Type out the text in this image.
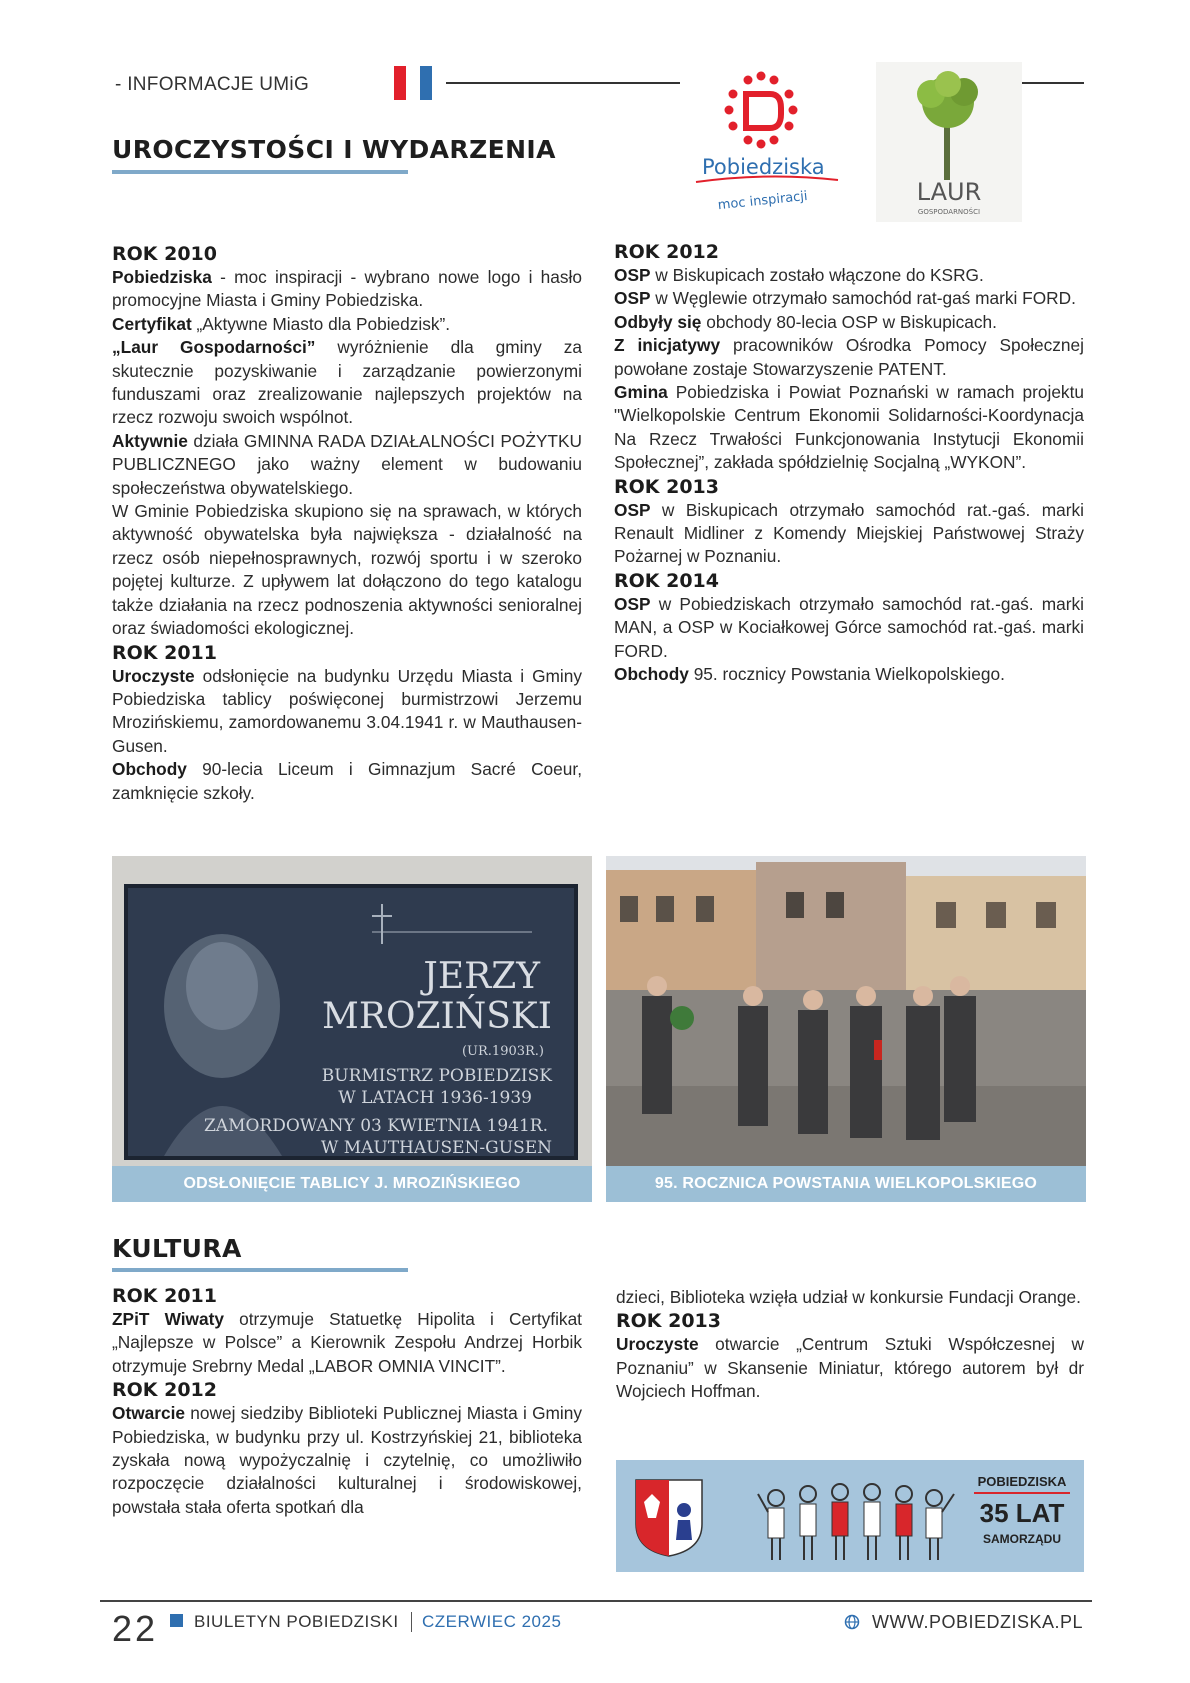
- INFORMACJE UMiG
UROCZYSTOŚCI I WYDARZENIA
Pobiedziska
moc inspiracji	LAUR
GOSPODARNOŚCI

ROK 2010

Pobiedziska - moc inspiracji - wybrano nowe logo i hasło promocyjne Miasta i Gminy Pobiedziska.

Certyfikat „Aktywne Miasto dla Pobiedzisk”.

„Laur Gospodarności” wyróżnienie dla gminy za skutecznie pozyskiwanie i zarządzanie powierzonymi funduszami oraz zrealizowanie najlepszych projektów na rzecz rozwoju swoich wspólnot.

Aktywnie działa GMINNA RADA DZIAŁALNOŚCI POŻYTKU PUBLICZNEGO jako ważny element w budowaniu społeczeństwa obywatelskiego.

W Gminie Pobiedziska skupiono się na sprawach, w których aktywność obywatelska była największa - działalność na rzecz osób niepełnosprawnych, rozwój sportu i w szeroko pojętej kulturze. Z upływem lat dołączono do tego katalogu także działania na rzecz podnoszenia aktywności senioralnej oraz świadomości ekologicznej.

ROK 2011

Uroczyste odsłonięcie na budynku Urzędu Miasta i Gminy Pobiedziska tablicy poświęconej burmistrzowi Jerzemu Mrozińskiemu, zamordowanemu 3.04.1941 r. w Mauthausen-Gusen.

Obchody 90-lecia Liceum i Gimnazjum Sacré Coeur, zamknięcie szkoły.

ROK 2012

OSP w Biskupicach zostało włączone do KSRG.

OSP w Węglewie otrzymało samochód rat-gaś marki FORD.

Odbyły się obchody 80-lecia OSP w Biskupicach.

Z inicjatywy pracowników Ośrodka Pomocy Społecznej powołane zostaje Stowarzyszenie PATENT.

Gmina Pobiedziska i Powiat Poznański w ramach projektu "Wielkopolskie Centrum Ekonomii Solidarności-Koordynacja Na Rzecz Trwałości Funkcjonowania Instytucji Ekonomii Społecznej”, zakłada spółdzielnię Socjalną „WYKON”.

ROK 2013

OSP w Biskupicach otrzymało samochód rat.-gaś. marki Renault Midliner z Komendy Miejskiej Państwowej Straży Pożarnej w Poznaniu.

ROK 2014

OSP w Pobiedziskach otrzymało samochód rat.-gaś. marki MAN, a OSP w Kociałkowej Górce samochód rat.-gaś. marki FORD.

Obchody 95. rocznicy Powstania Wielkopolskiego.

JERZY
MROZIŃSKI
(UR.1903R.)
BURMISTRZ POBIEDZISK
W LATACH 1936-1939
ZAMORDOWANY 03 KWIETNIA 1941R.
W MAUTHAUSEN-GUSEN
ODSŁONIĘCIE TABLICY J. MROZIŃSKIEGO	95. ROCZNICA POWSTANIA WIELKOPOLSKIEGO
KULTURA

ROK 2011

ZPiT Wiwaty otrzymuje Statuetkę Hipolita i Certyfikat „Najlepsze w Polsce” a Kierownik Zespołu Andrzej Horbik otrzymuje Srebrny Medal „LABOR OMNIA VINCIT”.

ROK 2012

Otwarcie nowej siedziby Biblioteki Publicznej Miasta i Gminy Pobiedziska, w budynku przy ul. Kostrzyńskiej 21, biblioteka zyskała nową wypożyczalnię i czytelnię, co umożliwiło rozpoczęcie działalności kulturalnej i środowiskowej, powstała stała oferta spotkań dla

dzieci, Biblioteka wzięła udział w konkursie Fundacji Orange.

ROK 2013

Uroczyste otwarcie „Centrum Sztuki Współczesnej w Poznaniu” w Skansenie Miniatur, którego autorem był dr Wojciech Hoffman.

POBIEDZISKA
35 LAT
SAMORZĄDU
22 BIULETYN POBIEDZISKI CZERWIEC 2025	WWW.POBIEDZISKA.PL
